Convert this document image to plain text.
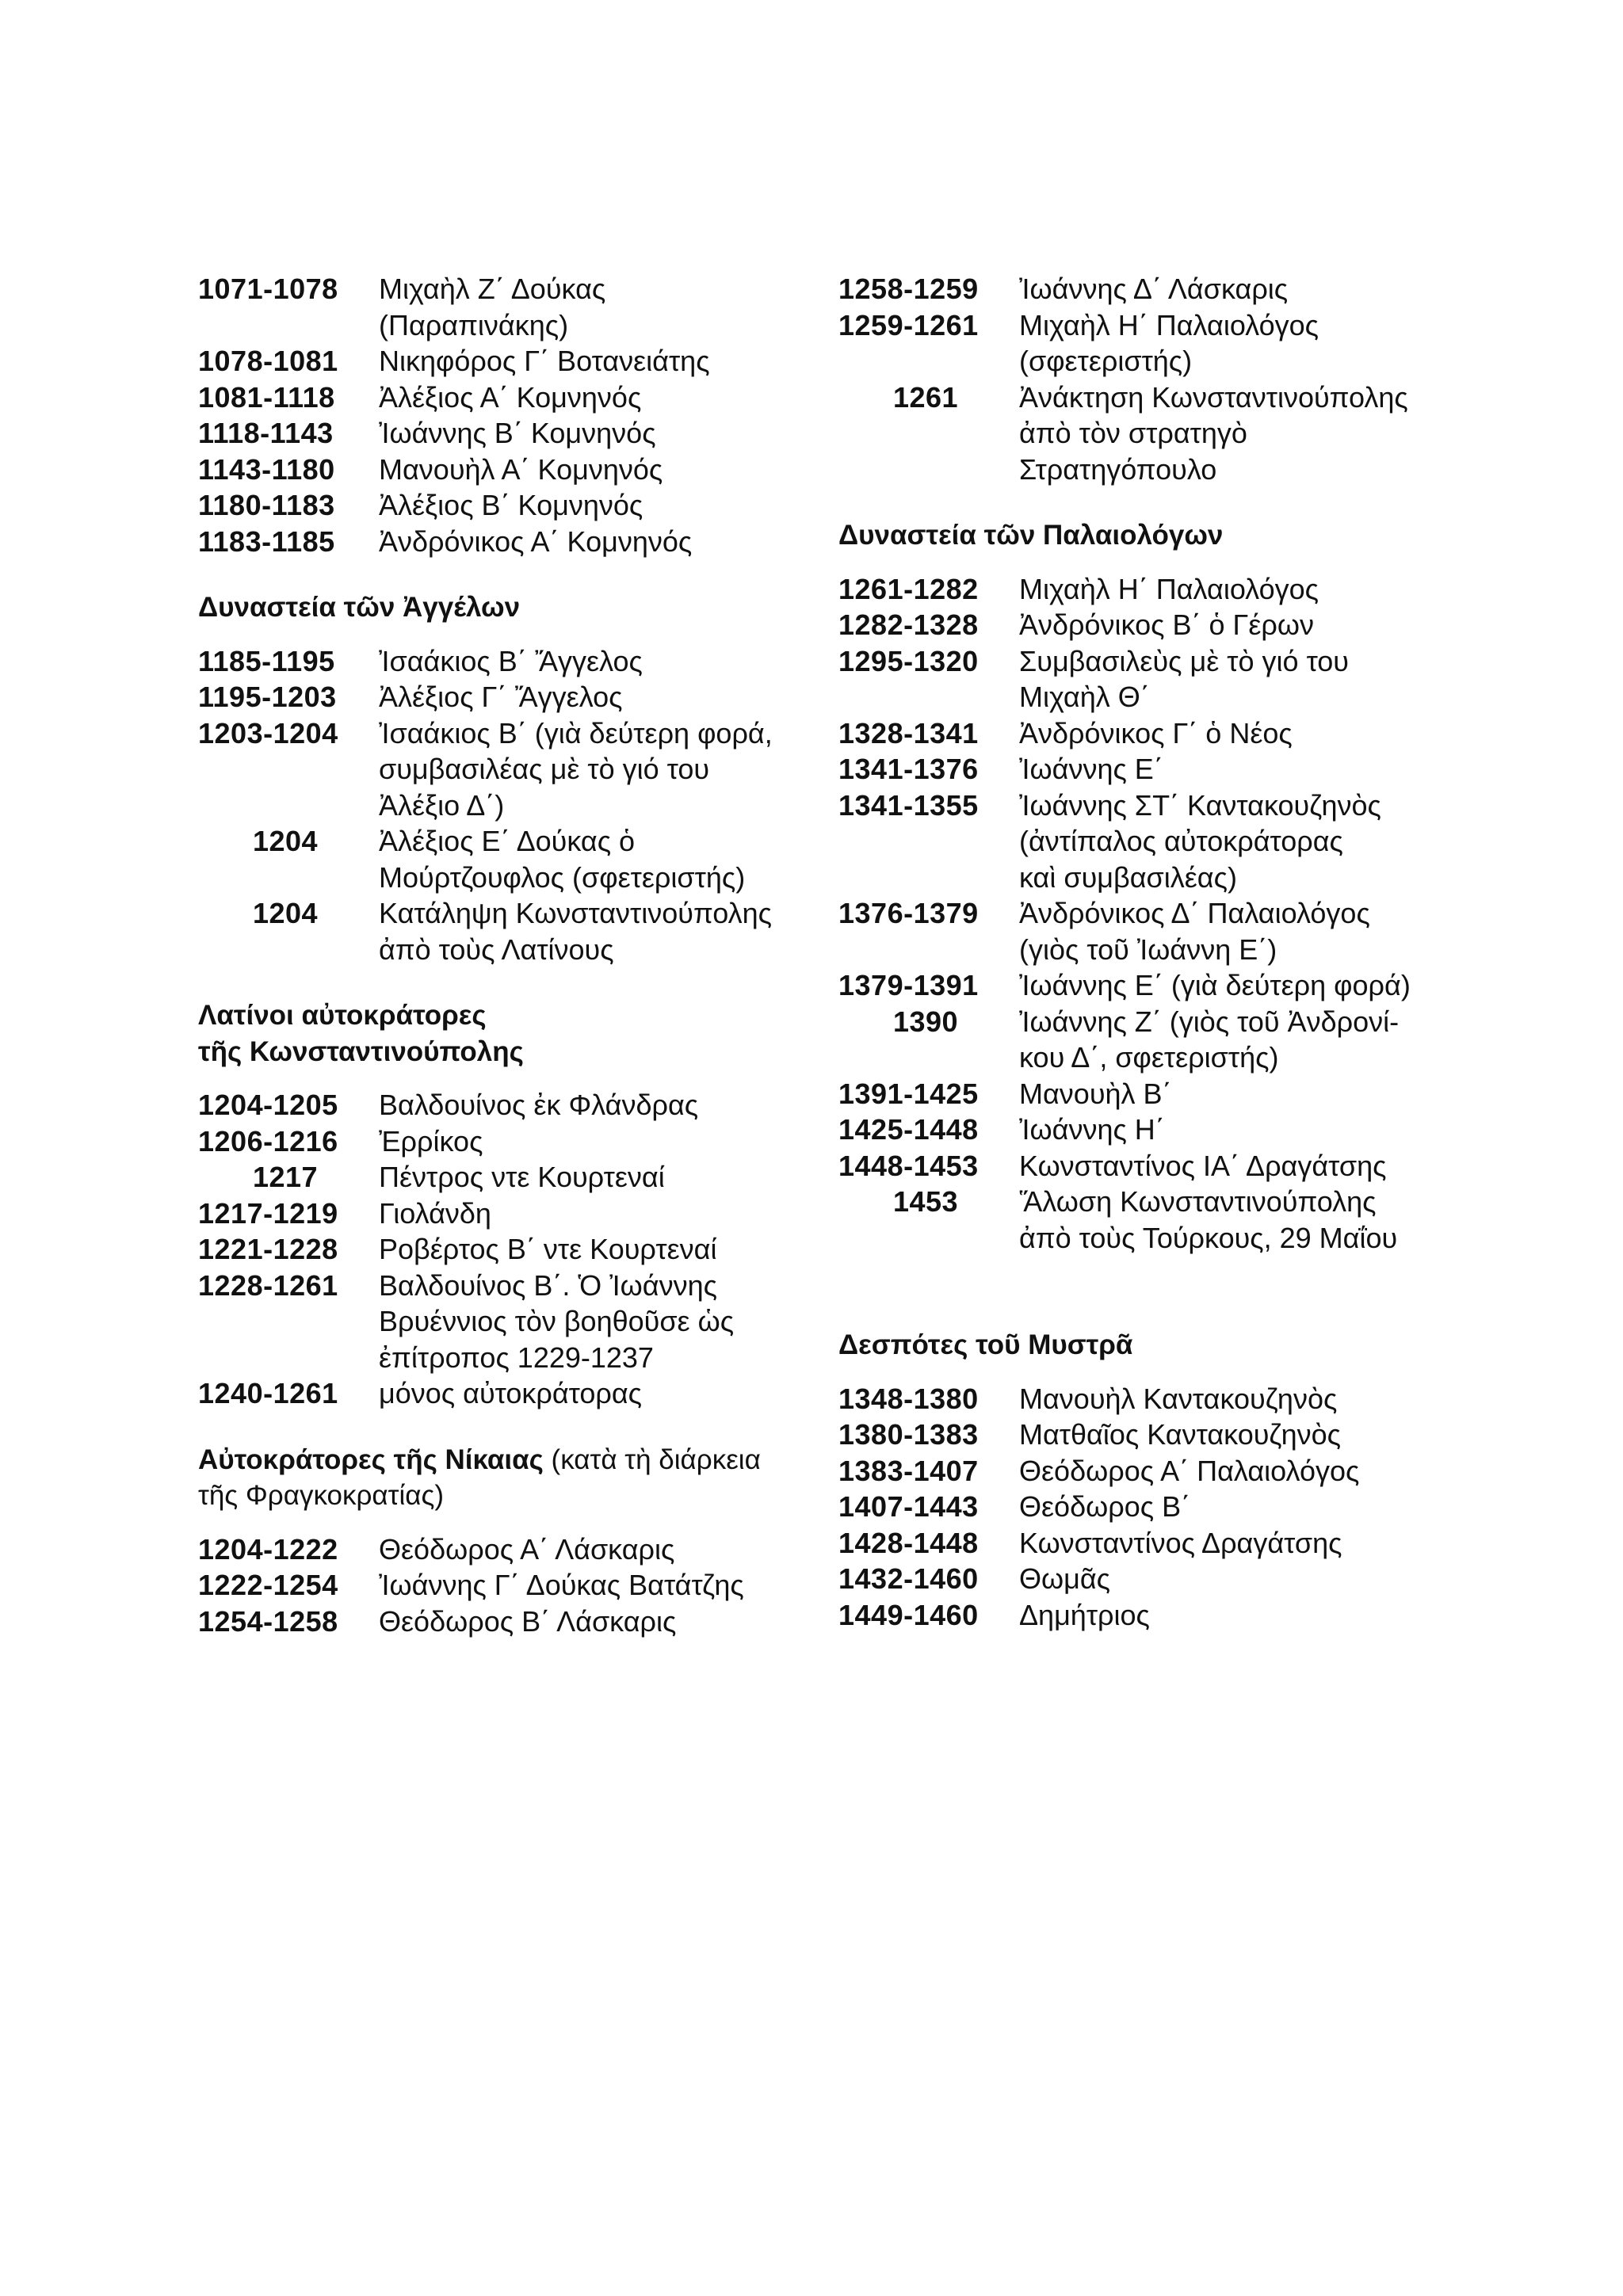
1071-1078	Μιχαὴλ Ζ΄ Δούκας
(Παραπινάκης)
1078-1081	Νικηφόρος Γ΄ Βοτανειάτης
1081-1118	Ἀλέξιος Α΄ Κομνηνός
1118-1143	Ἰωάννης Β΄ Κομνηνός
1143-1180	Μανουὴλ Α΄ Κομνηνός
1180-1183	Ἀλέξιος Β΄ Κομνηνός
1183-1185	Ἀνδρόνικος Α΄ Κομνηνός
Δυναστεία τῶν Ἀγγέλων
1185-1195	Ἰσαάκιος Β΄ Ἄγγελος
1195-1203	Ἀλέξιος Γ΄ Ἄγγελος
1203-1204	Ἰσαάκιος Β΄ (γιὰ δεύτερη φορά,
συμβασιλέας μὲ τὸ γιό του
Ἀλέξιο Δ΄)
1204	Ἀλέξιος Ε΄ Δούκας ὁ
Μούρτζουφλος (σφετεριστής)
1204	Κατάληψη Κωνσταντινούπολης
ἀπὸ τοὺς Λατίνους
Λατίνοι αὐτοκράτορες
τῆς Κωνσταντινούπολης
1204-1205	Βαλδουίνος ἐκ Φλάνδρας
1206-1216	Ἐρρίκος
1217	Πέντρος ντε Κουρτεναί
1217-1219	Γιολάνδη
1221-1228	Ροβέρτος Β΄ ντε Κουρτεναί
1228-1261	Βαλδουίνος Β΄. Ὁ Ἰωάννης
Βρυέννιος τὸν βοηθοῦσε ὡς
ἐπίτροπος 1229-1237
1240-1261	μόνος αὐτοκράτορας
Αὐτοκράτορες τῆς Νίκαιας (κατὰ τὴ διάρκεια
τῆς Φραγκοκρατίας)
1204-1222	Θεόδωρος Α΄ Λάσκαρις
1222-1254	Ἰωάννης Γ΄ Δούκας Βατάτζης
1254-1258	Θεόδωρος Β΄ Λάσκαρις
1258-1259	Ἰωάννης Δ΄ Λάσκαρις
1259-1261	Μιχαὴλ Η΄ Παλαιολόγος
(σφετεριστής)
1261	Ἀνάκτηση Κωνσταντινούπολης
ἀπὸ τὸν στρατηγὸ
Στρατηγόπουλο
Δυναστεία τῶν Παλαιολόγων
1261-1282	Μιχαὴλ Η΄ Παλαιολόγος
1282-1328	Ἀνδρόνικος Β΄ ὁ Γέρων
1295-1320	Συμβασιλεὺς μὲ τὸ γιό του
Μιχαὴλ Θ΄
1328-1341	Ἀνδρόνικος Γ΄ ὁ Νέος
1341-1376	Ἰωάννης Ε΄
1341-1355	Ἰωάννης ΣΤ΄ Καντακουζηνὸς
(ἀντίπαλος αὐτοκράτορας
καὶ συμβασιλέας)
1376-1379	Ἀνδρόνικος Δ΄ Παλαιολόγος
(γιὸς τοῦ Ἰωάννη Ε΄)
1379-1391	Ἰωάννης Ε΄ (γιὰ δεύτερη φορά)
1390	Ἰωάννης Ζ΄ (γιὸς τοῦ Ἀνδρονί-
κου Δ΄, σφετεριστής)
1391-1425	Μανουὴλ Β΄
1425-1448	Ἰωάννης Η΄
1448-1453	Κωνσταντίνος ΙΑ΄ Δραγάτσης
1453	Ἅλωση Κωνσταντινούπολης
ἀπὸ τοὺς Τούρκους, 29 Μαΐου
Δεσπότες τοῦ Μυστρᾶ
1348-1380	Μανουὴλ Καντακουζηνὸς
1380-1383	Ματθαῖος Καντακουζηνὸς
1383-1407	Θεόδωρος Α΄ Παλαιολόγος
1407-1443	Θεόδωρος Β΄
1428-1448	Κωνσταντίνος Δραγάτσης
1432-1460	Θωμᾶς
1449-1460	Δημήτριος
